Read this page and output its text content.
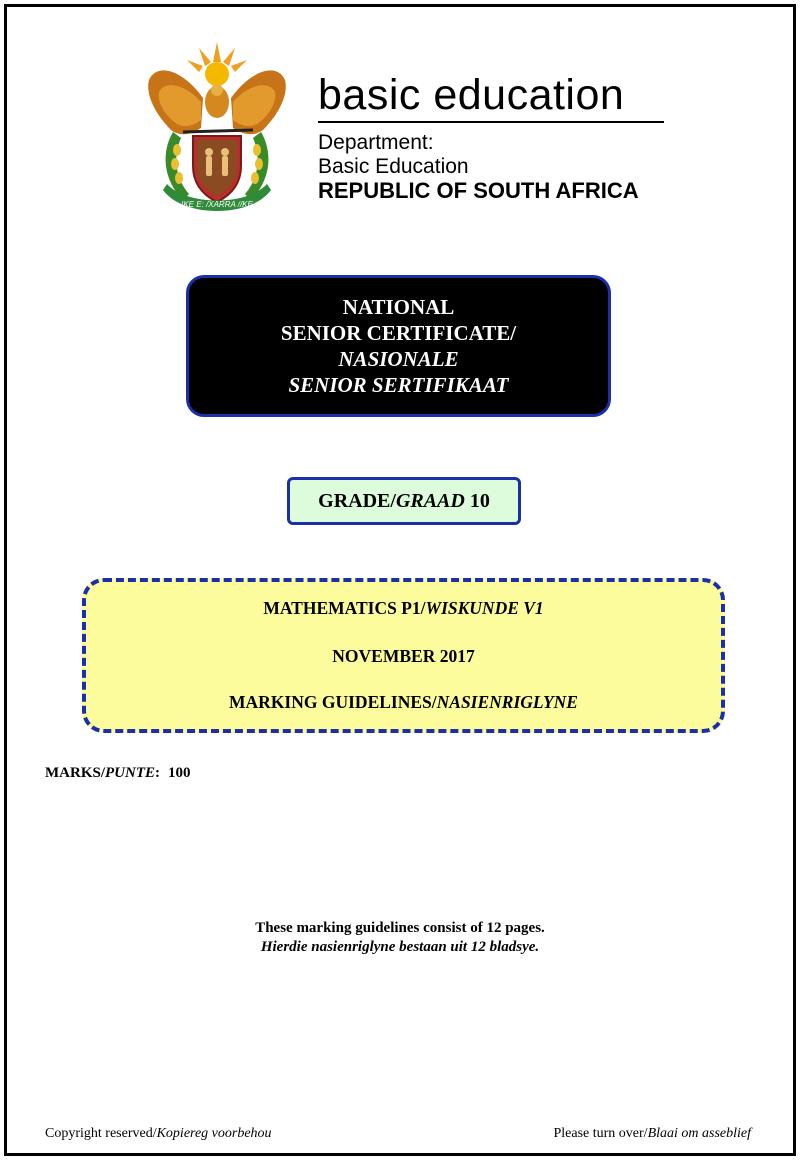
!KE E: /XARRA //KE
basic education
Department:
Basic Education
REPUBLIC OF SOUTH AFRICA
NATIONAL
SENIOR CERTIFICATE/
NASIONALE
SENIOR SERTIFIKAAT
GRADE/GRAAD 10
MATHEMATICS P1/WISKUNDE V1
NOVEMBER 2017
MARKING GUIDELINES/NASIENRIGLYNE
MARKS/PUNTE: 100
These marking guidelines consist of 12 pages.
Hierdie nasienriglyne bestaan uit 12 bladsye.
Copyright reserved/Kopiereg voorbehou	Please turn over/Blaai om asseblief
